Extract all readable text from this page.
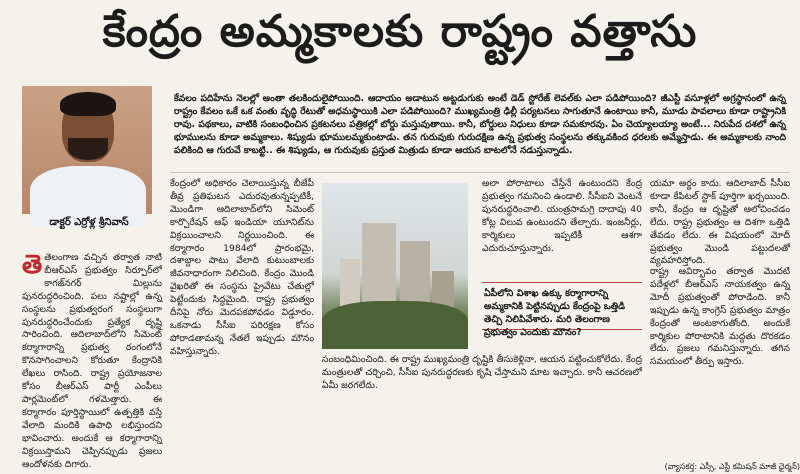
కేంద్రం అమ్మకాలకు రాష్ట్రం వత్తాసు
డాక్టర్ ఎర్రోళ్ల శ్రీనివాస్
కేవలం పదిహేను నెలల్లో అంతా తలకిందులైపోయింది. ఆదాయం అడాటున అట్టడుగుకు అంటే డెడ్ స్టోరేజ్ లెవల్‌కు ఎలా పడిపోయింది? జీఎస్టీ వసూళ్లలో అగ్రస్థానంలో ఉన్న రాష్ట్రం కేవలం ఒకే ఒక వంతు వృద్ధి రేటుతో అధమస్థాయికి ఎలా పడిపోయింది? ముఖ్యమంత్రి ఢిల్లీ పర్యటనలు సాగుతూనే ఉంటాయి కానీ, మూడు పావలాలు కూడా రాష్ట్రానికి రావు. పథకాలు, వాటికి సంబంధించిన ప్రకటనలు పత్రికల్లో బోర్డు మస్తువుతాయి. కానీ, బోర్డులు నిధులు కూడా సమకూరవు. ఏం చెయ్యాలయ్యా అంటే... నిరుపేద దశలో ఉన్న భూములను కూడా అమ్మకాలు. శిష్యుడు భూములమ్మకుంటాడు. తన గురువుకు గురుదక్షిణ ఉన్న ప్రభుత్వ సంస్థలను తక్కువకింద ధరలకు అమ్మేస్తాడు. ఈ అమ్మకాలకు నాంది పలికింది ఆ గురువే కాబట్టి.. ఈ శిష్యుడు, ఆ గురువుకు ప్రస్తుత మిత్రుడు కూడా ఆయన బాటలోనే నడుస్తున్నాడు.
తెతెలంగాణ వచ్చిన తర్వాత నాటి బీఆర్ఎస్ ప్రభుత్వం సిర్పూర్‌లో కాగజ్‌నగర్ మిల్లును పునరుద్ధరించింది. పలు నష్టాల్లో ఉన్న సంస్థలను ప్రభుత్వరంగ సంస్థలుగా పునరుద్ధరించేందుకు ప్రత్యేక దృష్టి సారించింది. ఆదిలాబాద్‌లోని సిమెంట్ కర్మాగారాన్ని ప్రభుత్వ రంగంలోనే కొనసాగించాలని కోరుతూ కేంద్రానికి లేఖలు రాసింది. రాష్ట్ర ప్రయోజనాల కోసం బీఆర్ఎస్ పార్టీ ఎంపీలు పార్లమెంట్‌లో గళమెత్తారు. ఈ కర్మాగారం పూర్తిస్థాయిలో ఉత్పత్తికి వస్తే వేలాది మందికి ఉపాధి లభిస్తుందని భావించారు. అందుకే ఆ కర్మాగారాన్ని విక్రయిస్తామని చెప్పినప్పుడు ప్రజలు ఆందోళనకు దిగారు.

కేంద్రంలో అధికారం చెలాయిస్తున్న బీజేపీ తీవ్ర ప్రతిఘటన ఎదురవుతున్నప్పటికీ, మొండిగా ఆదిలాబాద్‌లోని సిమెంట్ కార్పొరేషన్ ఆఫ్ ఇండియా యూనిట్‌ను విక్రయించాలని నిర్ణయించింది. ఈ కర్మాగారం 1984లో ప్రారంభమై, దశాబ్దాల పాటు వేలాది కుటుంబాలకు జీవనాధారంగా నిలిచింది. కేంద్రం మొండి వైఖరితో ఈ సంస్థను ప్రైవేటు చేతుల్లో పెట్టేందుకు సిద్ధమైంది. రాష్ట్ర ప్రభుత్వం దీనిపై నోరు మెదపకపోవడం విడ్డూరం. ఒకనాడు సీసీఐ పరిరక్షణ కోసం పోరాడతామన్న నేతలే ఇప్పుడు మౌనం వహిస్తున్నారు.

అలా పోరాటాలు చేస్తేనే ఉంటుందని కేంద్ర ప్రభుత్వం గమనించి ఉండాలి. సీసీఐని వెంటనే పునరుద్ధరించాలి. యంత్రసామగ్రి దాదాపు 40 కోట్ల విలువ ఉంటుందని తేల్చారు. ఇంజనీర్లు, కార్మికులు ఇప్పటికీ ఆశగా ఎదురుచూస్తున్నారు.

ఏపీలోని విశాఖ ఉక్కు కర్మాగారాన్ని అమ్మకానికి పెట్టినప్పుడు కేంద్రంపై ఒత్తిడి తెచ్చి నిలిపివేశారు. మరి తెలంగాణ ప్రభుత్వం ఎందుకు మౌనం?

సంబంధిమించింది. ఈ రాష్ట్ర ముఖ్యమంత్రి దృష్టికి తీసుకెళ్లినా, ఆయన పట్టించుకోలేదు. కేంద్ర మంత్రులతో చర్చించి, సీసీఐ పునరుద్ధరణకు కృషి చేస్తామని మాట ఇచ్చారు. కానీ ఆచరణలో ఏమీ జరగలేదు.

యమా అర్థం కాదు. ఆదిలాబాద్ సీసీఐ కూడా కేపిటల్ స్టాక్ పూర్తిగా ఖర్చయింది. కానీ, కేంద్రం ఆ దృష్టితో ఆలోచించడం లేదు. రాష్ట్ర ప్రభుత్వం ఆ దిశగా ఒత్తిడి తేవడం లేదు. ఈ విషయంలో మోదీ ప్రభుత్వం మొండి పట్టుదలతో వ్యవహరిస్తోంది.

రాష్ట్ర ఆవిర్భావం తర్వాత మొదటి పదేళ్లలో బీఆర్ఎస్ నాయకత్వం ఉన్న మోదీ ప్రభుత్వంతో పోరాడింది. కానీ ఇప్పుడు ఉన్న కాంగ్రెస్ ప్రభుత్వం మాత్రం కేంద్రంతో అంటకాగుతోంది. అందుకే కార్మికుల పోరాటానికి మద్దతు దొరకడం లేదు. ప్రజలు గమనిస్తున్నారు. తగిన సమయంలో తీర్పు ఇస్తారు.

(వ్యాసకర్త: ఎస్సీ, ఎస్టీ కమిషన్ మాజీ ఛైర్మన్)
